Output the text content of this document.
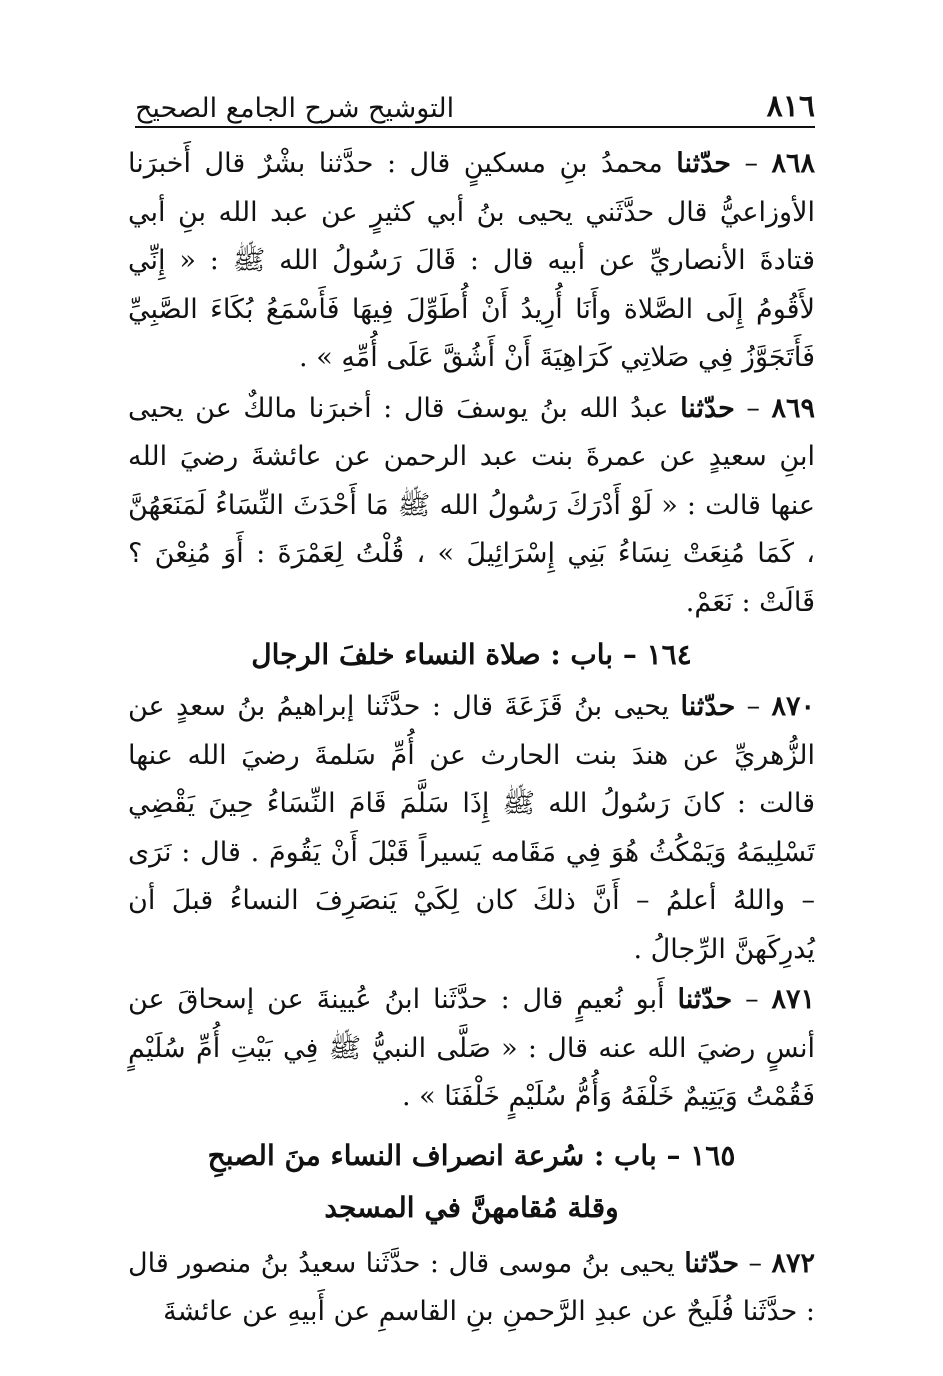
٨١٦
التوشيح شرح الجامع الصحيح

٨٦٨ – حدّثنا محمدُ بنِ مسكينٍ قال : حدَّثنا بشْرٌ قال أَخبرَنا الأوزاعيُّ قال حدَّثَني يحيى بنُ أبي كثيرٍ عن عبد الله بنِ أبي قتادةَ الأنصاريِّ عن أبيه قال : قَالَ رَسُولُ الله ﷺ : « إِنِّي لأَقُومُ إِلَى الصَّلاة وأَنَا أُرِيدُ أَنْ أُطَوِّلَ فِيهَا فَأَسْمَعُ بُكَاءَ الصَّبِيِّ فَأَتَجَوَّزُ فِي صَلاتِي كَرَاهِيَةَ أَنْ أَشُقَّ عَلَى أُمِّهِ » .

٨٦٩ – حدّثنا عبدُ الله بنُ يوسفَ قال : أخبرَنا مالكٌ عن يحيى ابنِ سعيدٍ عن عمرةَ بنت عبد الرحمن عن عائشةَ رضيَ الله عنها قالت : « لَوْ أَدْرَكَ رَسُولُ الله ﷺ مَا أَحْدَثَ النِّسَاءُ لَمَنَعَهُنَّ ، كَمَا مُنِعَتْ نِسَاءُ بَنِي إِسْرَائِيلَ » ، قُلْتُ لِعَمْرَةَ : أَوَ مُنِعْنَ ؟ قَالَتْ : نَعَمْ.

١٦٤ – باب : صلاة النساء خلفَ الرجال

٨٧٠ – حدّثنا يحيى بنُ قَزَعَةَ قال : حدَّثَنا إبراهيمُ بنُ سعدٍ عن الزُّهريِّ عن هندَ بنت الحارث عن أُمِّ سَلمةَ رضيَ الله عنها قالت : كانَ رَسُولُ الله ﷺ إِذَا سَلَّمَ قَامَ النِّسَاءُ حِينَ يَقْضِي تَسْلِيمَهُ وَيَمْكُثُ هُوَ فِي مَقَامه يَسيراً قَبْلَ أَنْ يَقُومَ . قال : نَرَى – واللهُ أعلمُ – أَنَّ ذلكَ كان لِكَيْ يَنصَرِفَ النساءُ قبلَ أن يُدرِكَهنَّ الرِّجالُ .

٨٧١ – حدّثنا أَبو نُعيمٍ قال : حدَّثَنا ابنُ عُيينةَ عن إسحاقَ عن أنسٍ رضيَ الله عنه قال : « صَلَّى النبيُّ ﷺ فِي بَيْتِ أُمِّ سُلَيْمٍ فَقُمْتُ وَيَتِيمٌ خَلْفَهُ وَأُمُّ سُلَيْمٍ خَلْفَنَا » .

١٦٥ – باب : سُرعة انصراف النساء منَ الصبحِ
وقلة مُقامهنَّ في المسجد

٨٧٢ – حدّثنا يحيى بنُ موسى قال : حدَّثَنا سعيدُ بنُ منصور قال : حدَّثَنا فُلَيحٌ عن عبدِ الرَّحمنِ بنِ القاسمِ عن أَبيهِ عن عائشةَ
